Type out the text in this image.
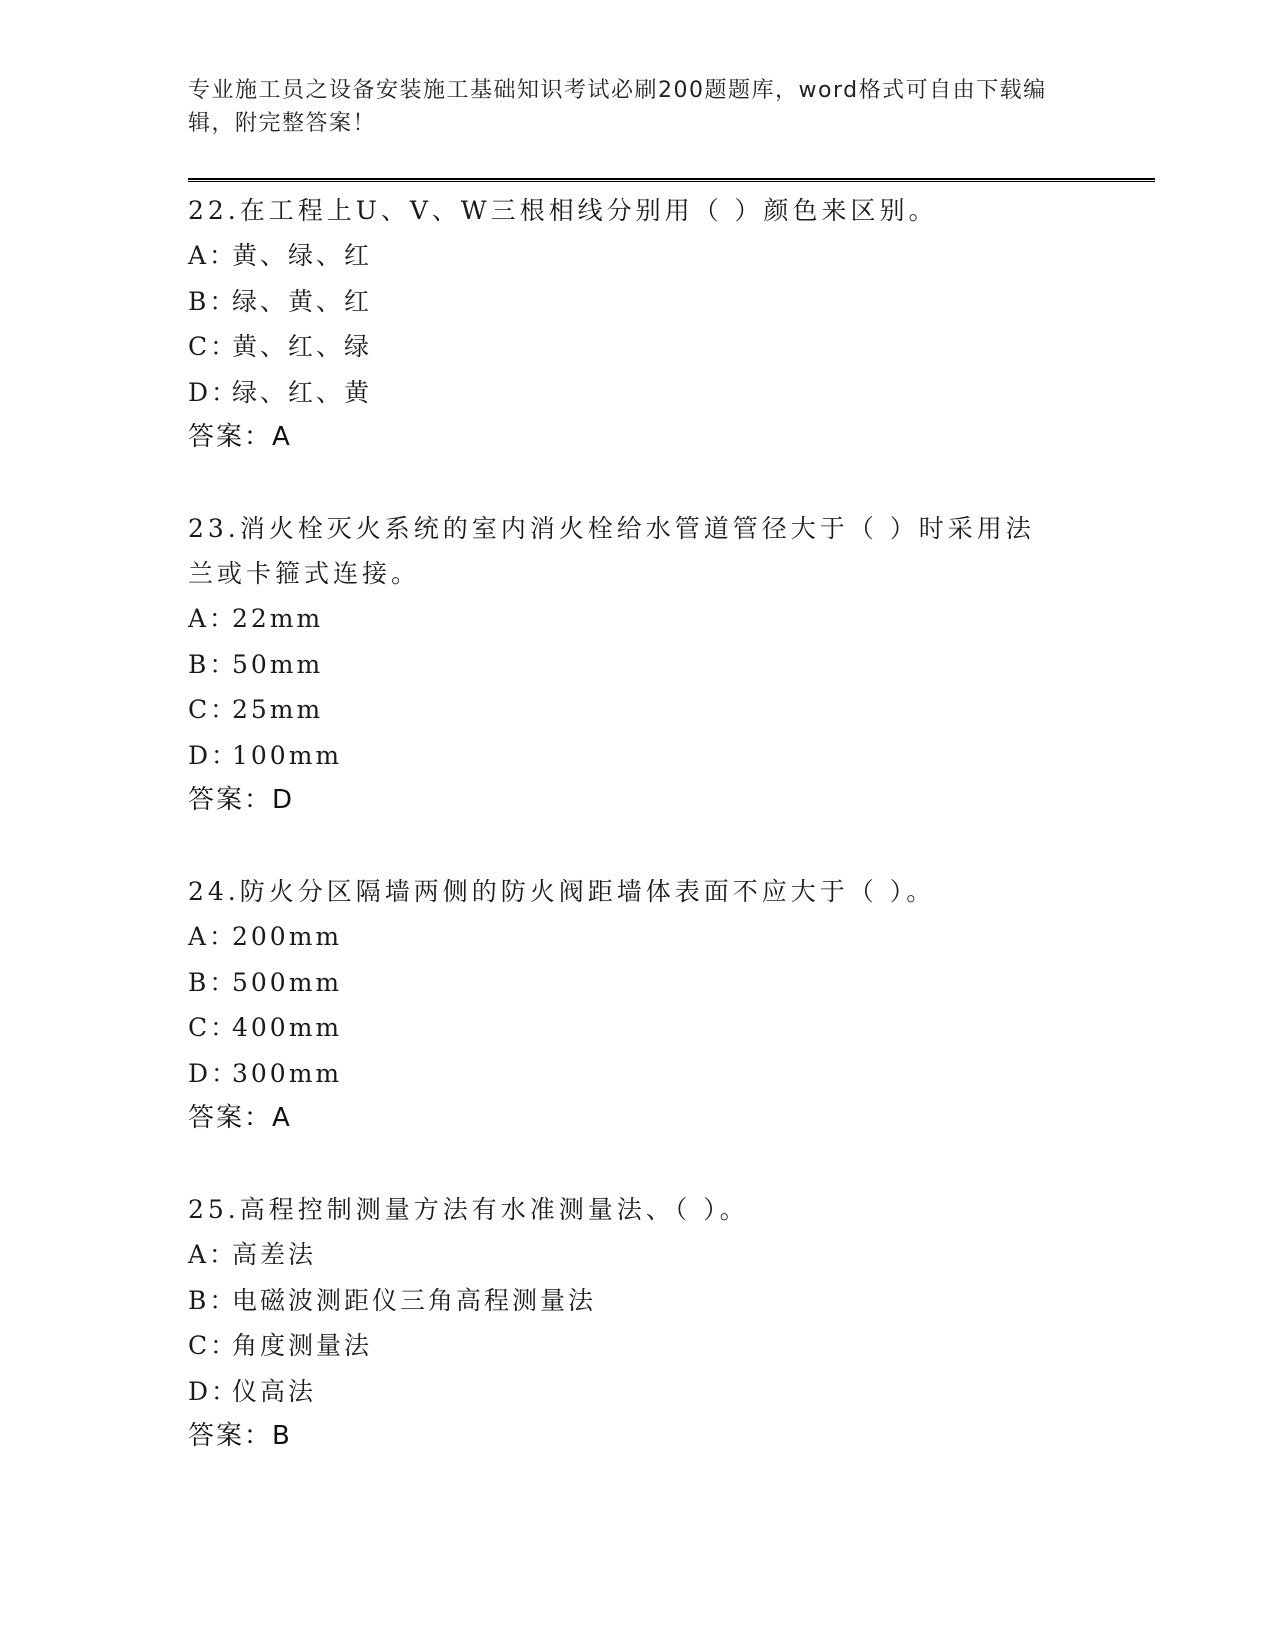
专业施工员之设备安装施工基础知识考试必刷200题题库，word格式可自由下载编辑，附完整答案！

22.在工程上U、V、W三根相线分别用（ ）颜色来区别。

A：黄、绿、红

B：绿、黄、红

C：黄、红、绿

D：绿、红、黄

答案：A

23.消火栓灭火系统的室内消火栓给水管道管径大于（ ）时采用法兰或卡箍式连接。

A：22mm

B：50mm

C：25mm

D：100mm

答案：D

24.防火分区隔墙两侧的防火阀距墙体表面不应大于（ ）。

A：200mm

B：500mm

C：400mm

D：300mm

答案：A

25.高程控制测量方法有水准测量法、（ ）。

A：高差法

B：电磁波测距仪三角高程测量法

C：角度测量法

D：仪高法

答案：B
